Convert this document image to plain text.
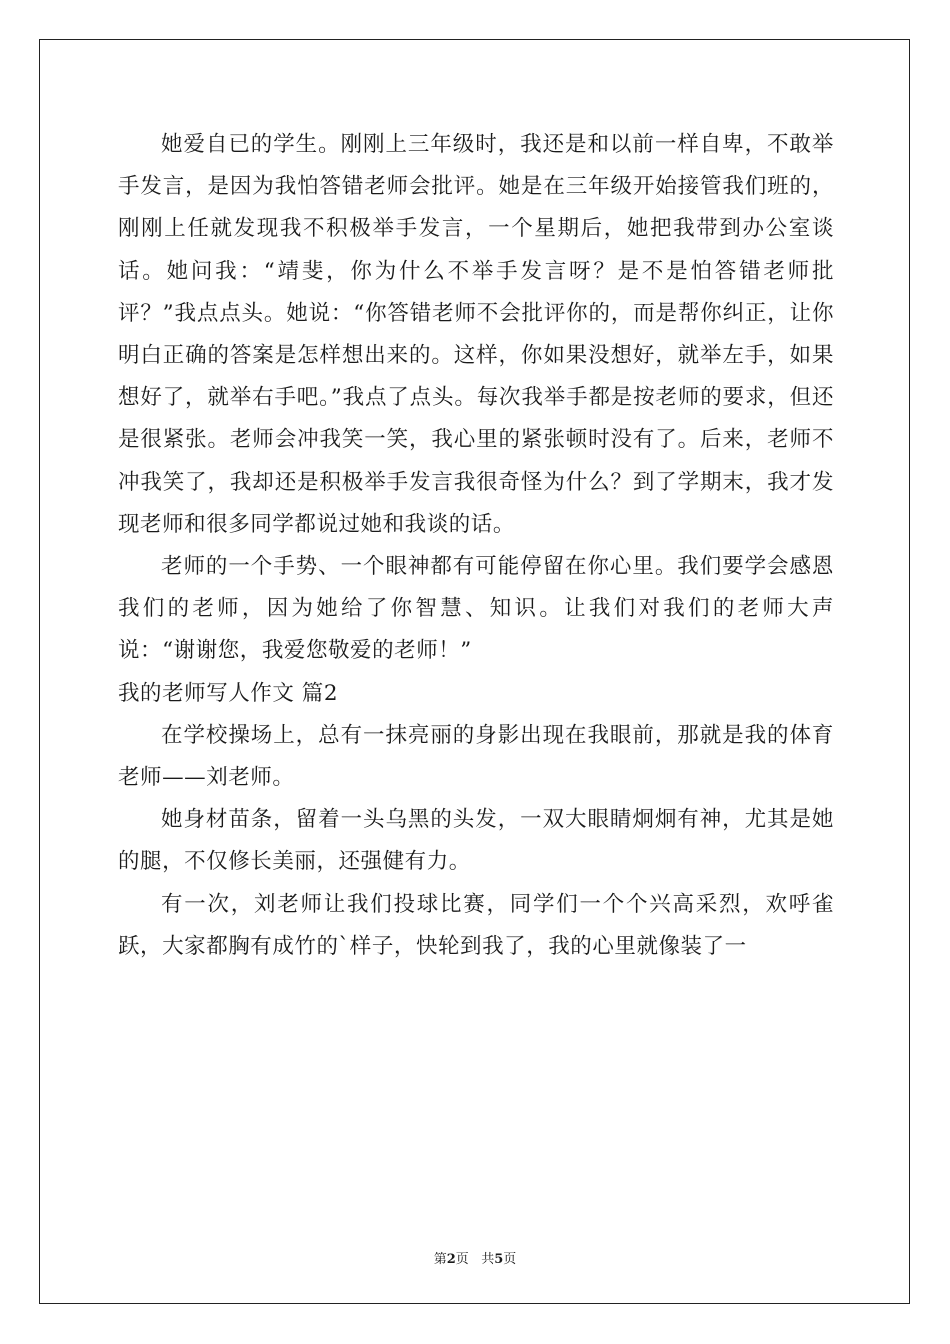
她爱自已的学生。刚刚上三年级时，我还是和以前一样自卑，不敢举手发言，是因为我怕答错老师会批评。她是在三年级开始接管我们班的，刚刚上任就发现我不积极举手发言，一个星期后，她把我带到办公室谈话。她问我：“靖斐，你为什么不举手发言呀？是不是怕答错老师批评？”我点点头。她说：“你答错老师不会批评你的，而是帮你纠正，让你明白正确的答案是怎样想出来的。这样，你如果没想好，就举左手，如果想好了，就举右手吧。”我点了点头。每次我举手都是按老师的要求，但还是很紧张。老师会冲我笑一笑，我心里的紧张顿时没有了。后来，老师不冲我笑了，我却还是积极举手发言我很奇怪为什么？到了学期末，我才发现老师和很多同学都说过她和我谈的话。

老师的一个手势、一个眼神都有可能停留在你心里。我们要学会感恩我们的老师，因为她给了你智慧、知识。让我们对我们的老师大声说：“谢谢您，我爱您敬爱的老师！”

我的老师写人作文 篇2

在学校操场上，总有一抹亮丽的身影出现在我眼前，那就是我的体育老师——刘老师。

她身材苗条，留着一头乌黑的头发，一双大眼睛炯炯有神，尤其是她的腿，不仅修长美丽，还强健有力。

有一次，刘老师让我们投球比赛，同学们一个个兴高采烈，欢呼雀跃，大家都胸有成竹的`样子，快轮到我了，我的心里就像装了一

第2页 共5页
